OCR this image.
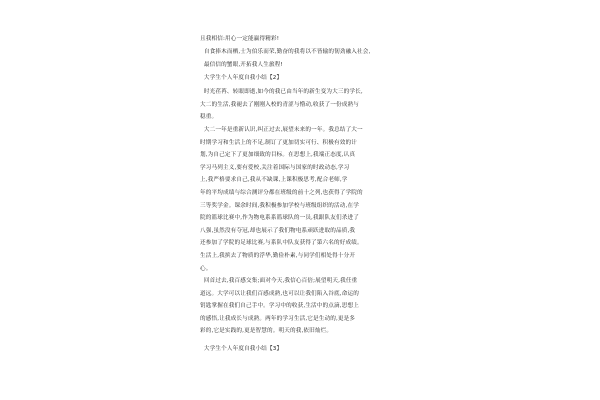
且我相信:用心一定能赢得精彩!

自食捧木而栖,士为伯乐而荣,勤奋的我将以不皆输的韧劲融入社会,

最信信的蟹眼,开拓我人生旅程!

大学生个人年度自我小结【2】

时光荏苒、转眼即逝,如今的我已由当年的新生变为大三的学长,

大二的生活,我褪去了刚刚入校的青涩与懵动,收获了一份成熟与

稳重。

大二一年是重新认识,纠正过去,展望未来的一年。我总结了大一

时期学习和生活上的不足,制订了更加切实可行、积极有效的计

划,为自己定下了更加细致的目标。在思想上,我端正态度,认真

学习马列主义,要有爱校,关注着国际与国家的时政动态,学习

上,我严格要求自己,我从不缺课,上课积极思考,配合老师,学

年的平均成绩与综合测评分都在班级的前十之列,也获得了学院的

三等奖学金。课余时间,我积极参加学校与班级组织的活动,在学

院的篮球比赛中,作为物电系系篮球队的一员,我跟队友们杀进了

八强,虽然没有夺冠,却也展示了我们物电系顽跃进取的品质,我

还参加了学院的足球比赛,与系队中队友获得了第六名的好成绩。

生活上,我摈去了物质的浮华,勤俭朴素,与同学们相处得十分开

心。

回首过去,我百感交集;面对今天,我信心百倍;展望明天,我任重

道远。大学可以让我们百感成熟,也可以让我们陷入谷底,命运的

钥匙掌握在我们自己手中。学习中的收获,生活中的点滴,思想上

的感悟,让我成长与成熟。两年的学习生活,它是生动的,更是多

彩的,它是实践的,更是智慧的。明天的我,依旧灿烂。

大学生个人年度自我小结【3】
